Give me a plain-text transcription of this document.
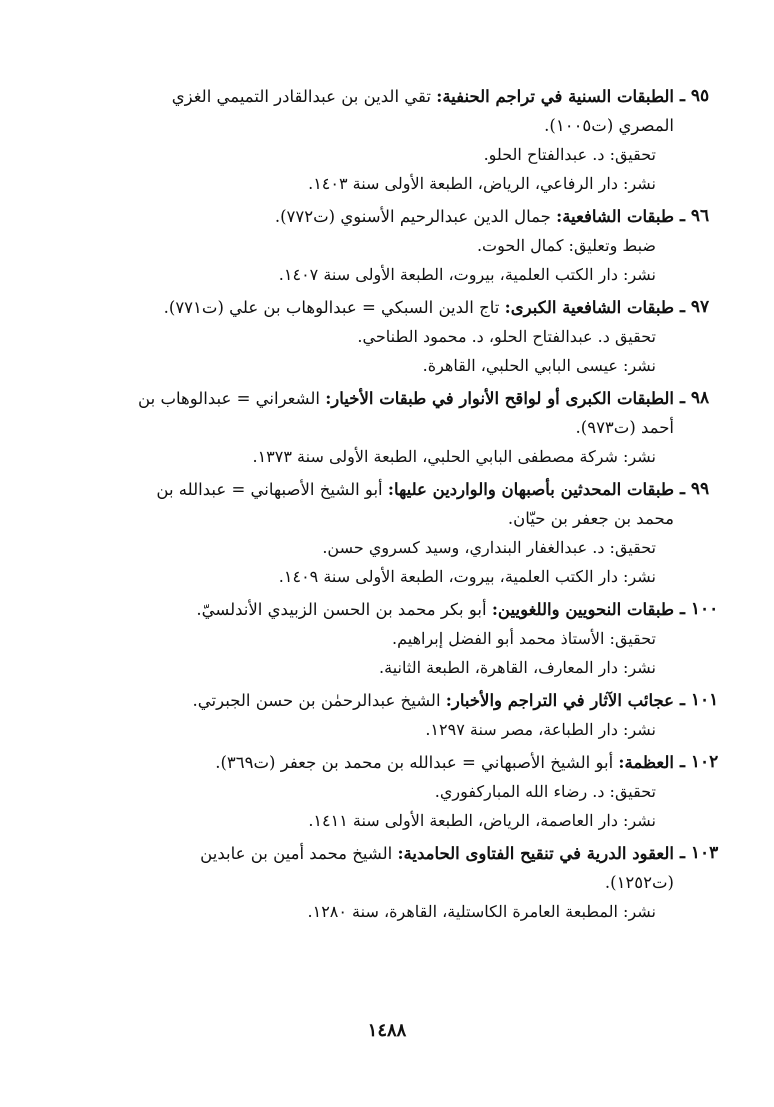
٩٥ ـ
الطبقات السنية في تراجم الحنفية: تقي الدين بن عبدالقادر التميمي الغزي
المصري (ت١٠٠٥).
تحقيق: د. عبدالفتاح الحلو.
نشر: دار الرفاعي، الرياض، الطبعة الأولى سنة ١٤٠٣.
٩٦ ـ
طبقات الشافعية: جمال الدين عبدالرحيم الأسنوي (ت٧٧٢).
ضبط وتعليق: كمال الحوت.
نشر: دار الكتب العلمية، بيروت، الطبعة الأولى سنة ١٤٠٧.
٩٧ ـ
طبقات الشافعية الكبرى: تاج الدين السبكي = عبدالوهاب بن علي (ت٧٧١).
تحقيق د. عبدالفتاح الحلو، د. محمود الطناحي.
نشر: عيسى البابي الحلبي، القاهرة.
٩٨ ـ
الطبقات الكبرى أو لواقح الأنوار في طبقات الأخيار: الشعراني = عبدالوهاب بن
أحمد (ت٩٧٣).
نشر: شركة مصطفى البابي الحلبي، الطبعة الأولى سنة ١٣٧٣.
٩٩ ـ
طبقات المحدثين بأصبهان والواردين عليها: أبو الشيخ الأصبهاني = عبدالله بن
محمد بن جعفر بن حيّان.
تحقيق: د. عبدالغفار البنداري، وسيد كسروي حسن.
نشر: دار الكتب العلمية، بيروت، الطبعة الأولى سنة ١٤٠٩.
١٠٠ ـ
طبقات النحويين واللغويين: أبو بكر محمد بن الحسن الزبيدي الأندلسيّ.
تحقيق: الأستاذ محمد أبو الفضل إبراهيم.
نشر: دار المعارف، القاهرة، الطبعة الثانية.
١٠١ ـ
عجائب الآثار في التراجم والأخبار: الشيخ عبدالرحمٰن بن حسن الجبرتي.
نشر: دار الطباعة، مصر سنة ١٢٩٧.
١٠٢ ـ
العظمة: أبو الشيخ الأصبهاني = عبدالله بن محمد بن جعفر (ت٣٦٩).
تحقيق: د. رضاء الله المباركفوري.
نشر: دار العاصمة، الرياض، الطبعة الأولى سنة ١٤١١.
١٠٣ ـ
العقود الدرية في تنقيح الفتاوى الحامدية: الشيخ محمد أمين بن عابدين
(ت١٢٥٢).
نشر: المطبعة العامرة الكاستلية، القاهرة، سنة ١٢٨٠.
١٤٨٨
